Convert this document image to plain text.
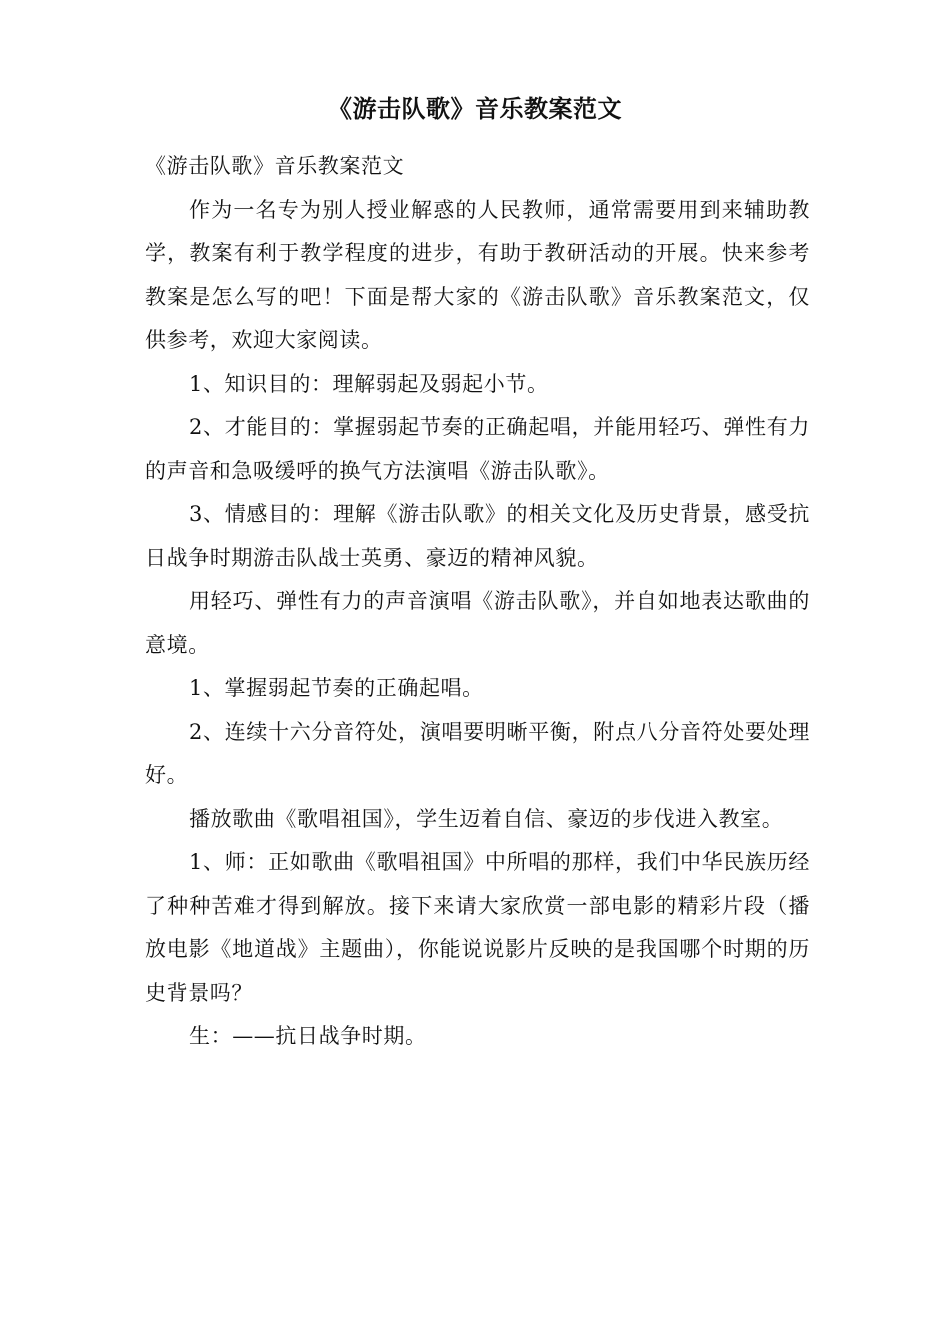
《游击队歌》音乐教案范文

《游击队歌》音乐教案范文

作为一名专为别人授业解惑的人民教师，通常需要用到来辅助教学，教案有利于教学程度的进步，有助于教研活动的开展。快来参考教案是怎么写的吧！下面是帮大家的《游击队歌》音乐教案范文，仅供参考，欢迎大家阅读。

1、知识目的：理解弱起及弱起小节。

2、才能目的：掌握弱起节奏的正确起唱，并能用轻巧、弹性有力的声音和急吸缓呼的换气方法演唱《游击队歌》。

3、情感目的：理解《游击队歌》的相关文化及历史背景，感受抗日战争时期游击队战士英勇、豪迈的精神风貌。

用轻巧、弹性有力的声音演唱《游击队歌》，并自如地表达歌曲的意境。

1、掌握弱起节奏的正确起唱。

2、连续十六分音符处，演唱要明晰平衡，附点八分音符处要处理好。

播放歌曲《歌唱祖国》，学生迈着自信、豪迈的步伐进入教室。

1、师：正如歌曲《歌唱祖国》中所唱的那样，我们中华民族历经了种种苦难才得到解放。接下来请大家欣赏一部电影的精彩片段（播放电影《地道战》主题曲），你能说说影片反映的是我国哪个时期的历史背景吗？

生：——抗日战争时期。
